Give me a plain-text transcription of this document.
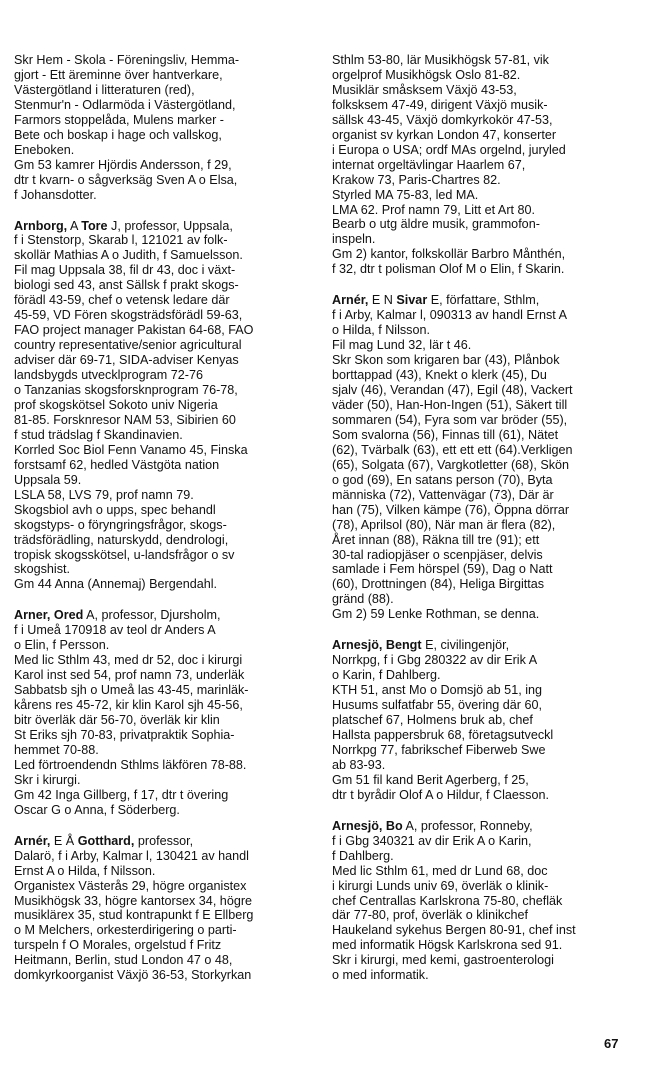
Skr Hem - Skola - Föreningsliv, Hemma-
gjort - Ett äreminne över hantverkare,
Västergötland i litteraturen (red),
Stenmur'n - Odlarmöda i Västergötland,
Farmors stoppelåda, Mulens marker -
Bete och boskap i hage och vallskog,
Eneboken.
Gm 53 kamrer Hjördis Andersson, f 29,
dtr t kvarn- o sågverksäg Sven A o Elsa,
f Johansdotter.

Arnborg, A Tore J, professor, Uppsala,

f i Stenstorp, Skarab l, 121021 av folk-
skollär Mathias A o Judith, f Samuelsson.
Fil mag Uppsala 38, fil dr 43, doc i växt-
biologi sed 43, anst Sällsk f prakt skogs-
förädl 43-59, chef o vetensk ledare där
45-59, VD Fören skogsträdsförädl 59-63,
FAO project manager Pakistan 64-68, FAO
country representative/senior agricultural
adviser där 69-71, SIDA-adviser Kenyas
landsbygds utvecklprogram 72-76
o Tanzanias skogsforsknprogram 76-78,
prof skogskötsel Sokoto univ Nigeria
81-85. Forsknresor NAM 53, Sibirien 60
f stud trädslag f Skandinavien.
Korrled Soc Biol Fenn Vanamo 45, Finska
forstsamf 62, hedled Västgöta nation
Uppsala 59.
LSLA 58, LVS 79, prof namn 79.
Skogsbiol avh o upps, spec behandl
skogstyps- o föryngringsfrågor, skogs-
trädsförädling, naturskydd, dendrologi,
tropisk skogsskötsel, u-landsfrågor o sv
skogshist.
Gm 44 Anna (Annemaj) Bergendahl.

Arner, Ored A, professor, Djursholm,

f i Umeå 170918 av teol dr Anders A
o Elin, f Persson.
Med lic Sthlm 43, med dr 52, doc i kirurgi
Karol inst sed 54, prof namn 73, underläk
Sabbatsb sjh o Umeå las 43-45, marinläk-
kårens res 45-72, kir klin Karol sjh 45-56,
bitr överläk där 56-70, överläk kir klin
St Eriks sjh 70-83, privatpraktik Sophia-
hemmet 70-88.
Led förtroendendn Sthlms läkfören 78-88.
Skr i kirurgi.
Gm 42 Inga Gillberg, f 17, dtr t övering
Oscar G o Anna, f Söderberg.

Arnér, E Å Gotthard, professor,

Dalarö, f i Arby, Kalmar l, 130421 av handl
Ernst A o Hilda, f Nilsson.
Organistex Västerås 29, högre organistex
Musikhögsk 33, högre kantorsex 34, högre
musiklärex 35, stud kontrapunkt f E Ellberg
o M Melchers, orkesterdirigering o parti-
turspeln f O Morales, orgelstud f Fritz
Heitmann, Berlin, stud London 47 o 48,
domkyrkoorganist Växjö 36-53, Storkyrkan

Sthlm 53-80, lär Musikhögsk 57-81, vik
orgelprof Musikhögsk Oslo 81-82.
Musiklär småsksem Växjö 43-53,
folksksem 47-49, dirigent Växjö musik-
sällsk 43-45, Växjö domkyrkokör 47-53,
organist sv kyrkan London 47, konserter
i Europa o USA; ordf MAs orgelnd, juryled
internat orgeltävlingar Haarlem 67,
Krakow 73, Paris-Chartres 82.
Styrled MA 75-83, led MA.
LMA 62. Prof namn 79, Litt et Art 80.
Bearb o utg äldre musik, grammofon-
inspeln.
Gm 2) kantor, folkskollär Barbro Månthén,
f 32, dtr t polisman Olof M o Elin, f Skarin.

Arnér, E N Sivar E, författare, Sthlm,

f i Arby, Kalmar l, 090313 av handl Ernst A
o Hilda, f Nilsson.
Fil mag Lund 32, lär t 46.
Skr Skon som krigaren bar (43), Plånbok
borttappad (43), Knekt o klerk (45), Du
sjalv (46), Verandan (47), Egil (48), Vackert
väder (50), Han-Hon-Ingen (51), Säkert till
sommaren (54), Fyra som var bröder (55),
Som svalorna (56), Finnas till (61), Nätet
(62), Tvärbalk (63), ett ett ett (64).Verkligen
(65), Solgata (67), Vargkotletter (68), Skön
o god (69), En satans person (70), Byta
människa (72), Vattenvägar (73), Där är
han (75), Vilken kämpe (76), Öppna dörrar
(78), Aprilsol (80), När man är flera (82),
Året innan (88), Räkna till tre (91); ett
30-tal radiopjäser o scenpjäser, delvis
samlade i Fem hörspel (59), Dag o Natt
(60), Drottningen (84), Heliga Birgittas
gränd (88).
Gm 2) 59 Lenke Rothman, se denna.

Arnesjö, Bengt E, civilingenjör,

Norrkpg, f i Gbg 280322 av dir Erik A
o Karin, f Dahlberg.
KTH 51, anst Mo o Domsjö ab 51, ing
Husums sulfatfabr 55, övering där 60,
platschef 67, Holmens bruk ab, chef
Hallsta pappersbruk 68, företagsutveckl
Norrkpg 77, fabrikschef Fiberweb Swe
ab 83-93.
Gm 51 fil kand Berit Agerberg, f 25,
dtr t byrådir Olof A o Hildur, f Claesson.

Arnesjö, Bo A, professor, Ronneby,

f i Gbg 340321 av dir Erik A o Karin,
f Dahlberg.
Med lic Sthlm 61, med dr Lund 68, doc
i kirurgi Lunds univ 69, överläk o klinik-
chef Centrallas Karlskrona 75-80, chefläk
där 77-80, prof, överläk o klinikchef
Haukeland sykehus Bergen 80-91, chef inst
med informatik Högsk Karlskrona sed 91.
Skr i kirurgi, med kemi, gastroenterologi
o med informatik.

67
